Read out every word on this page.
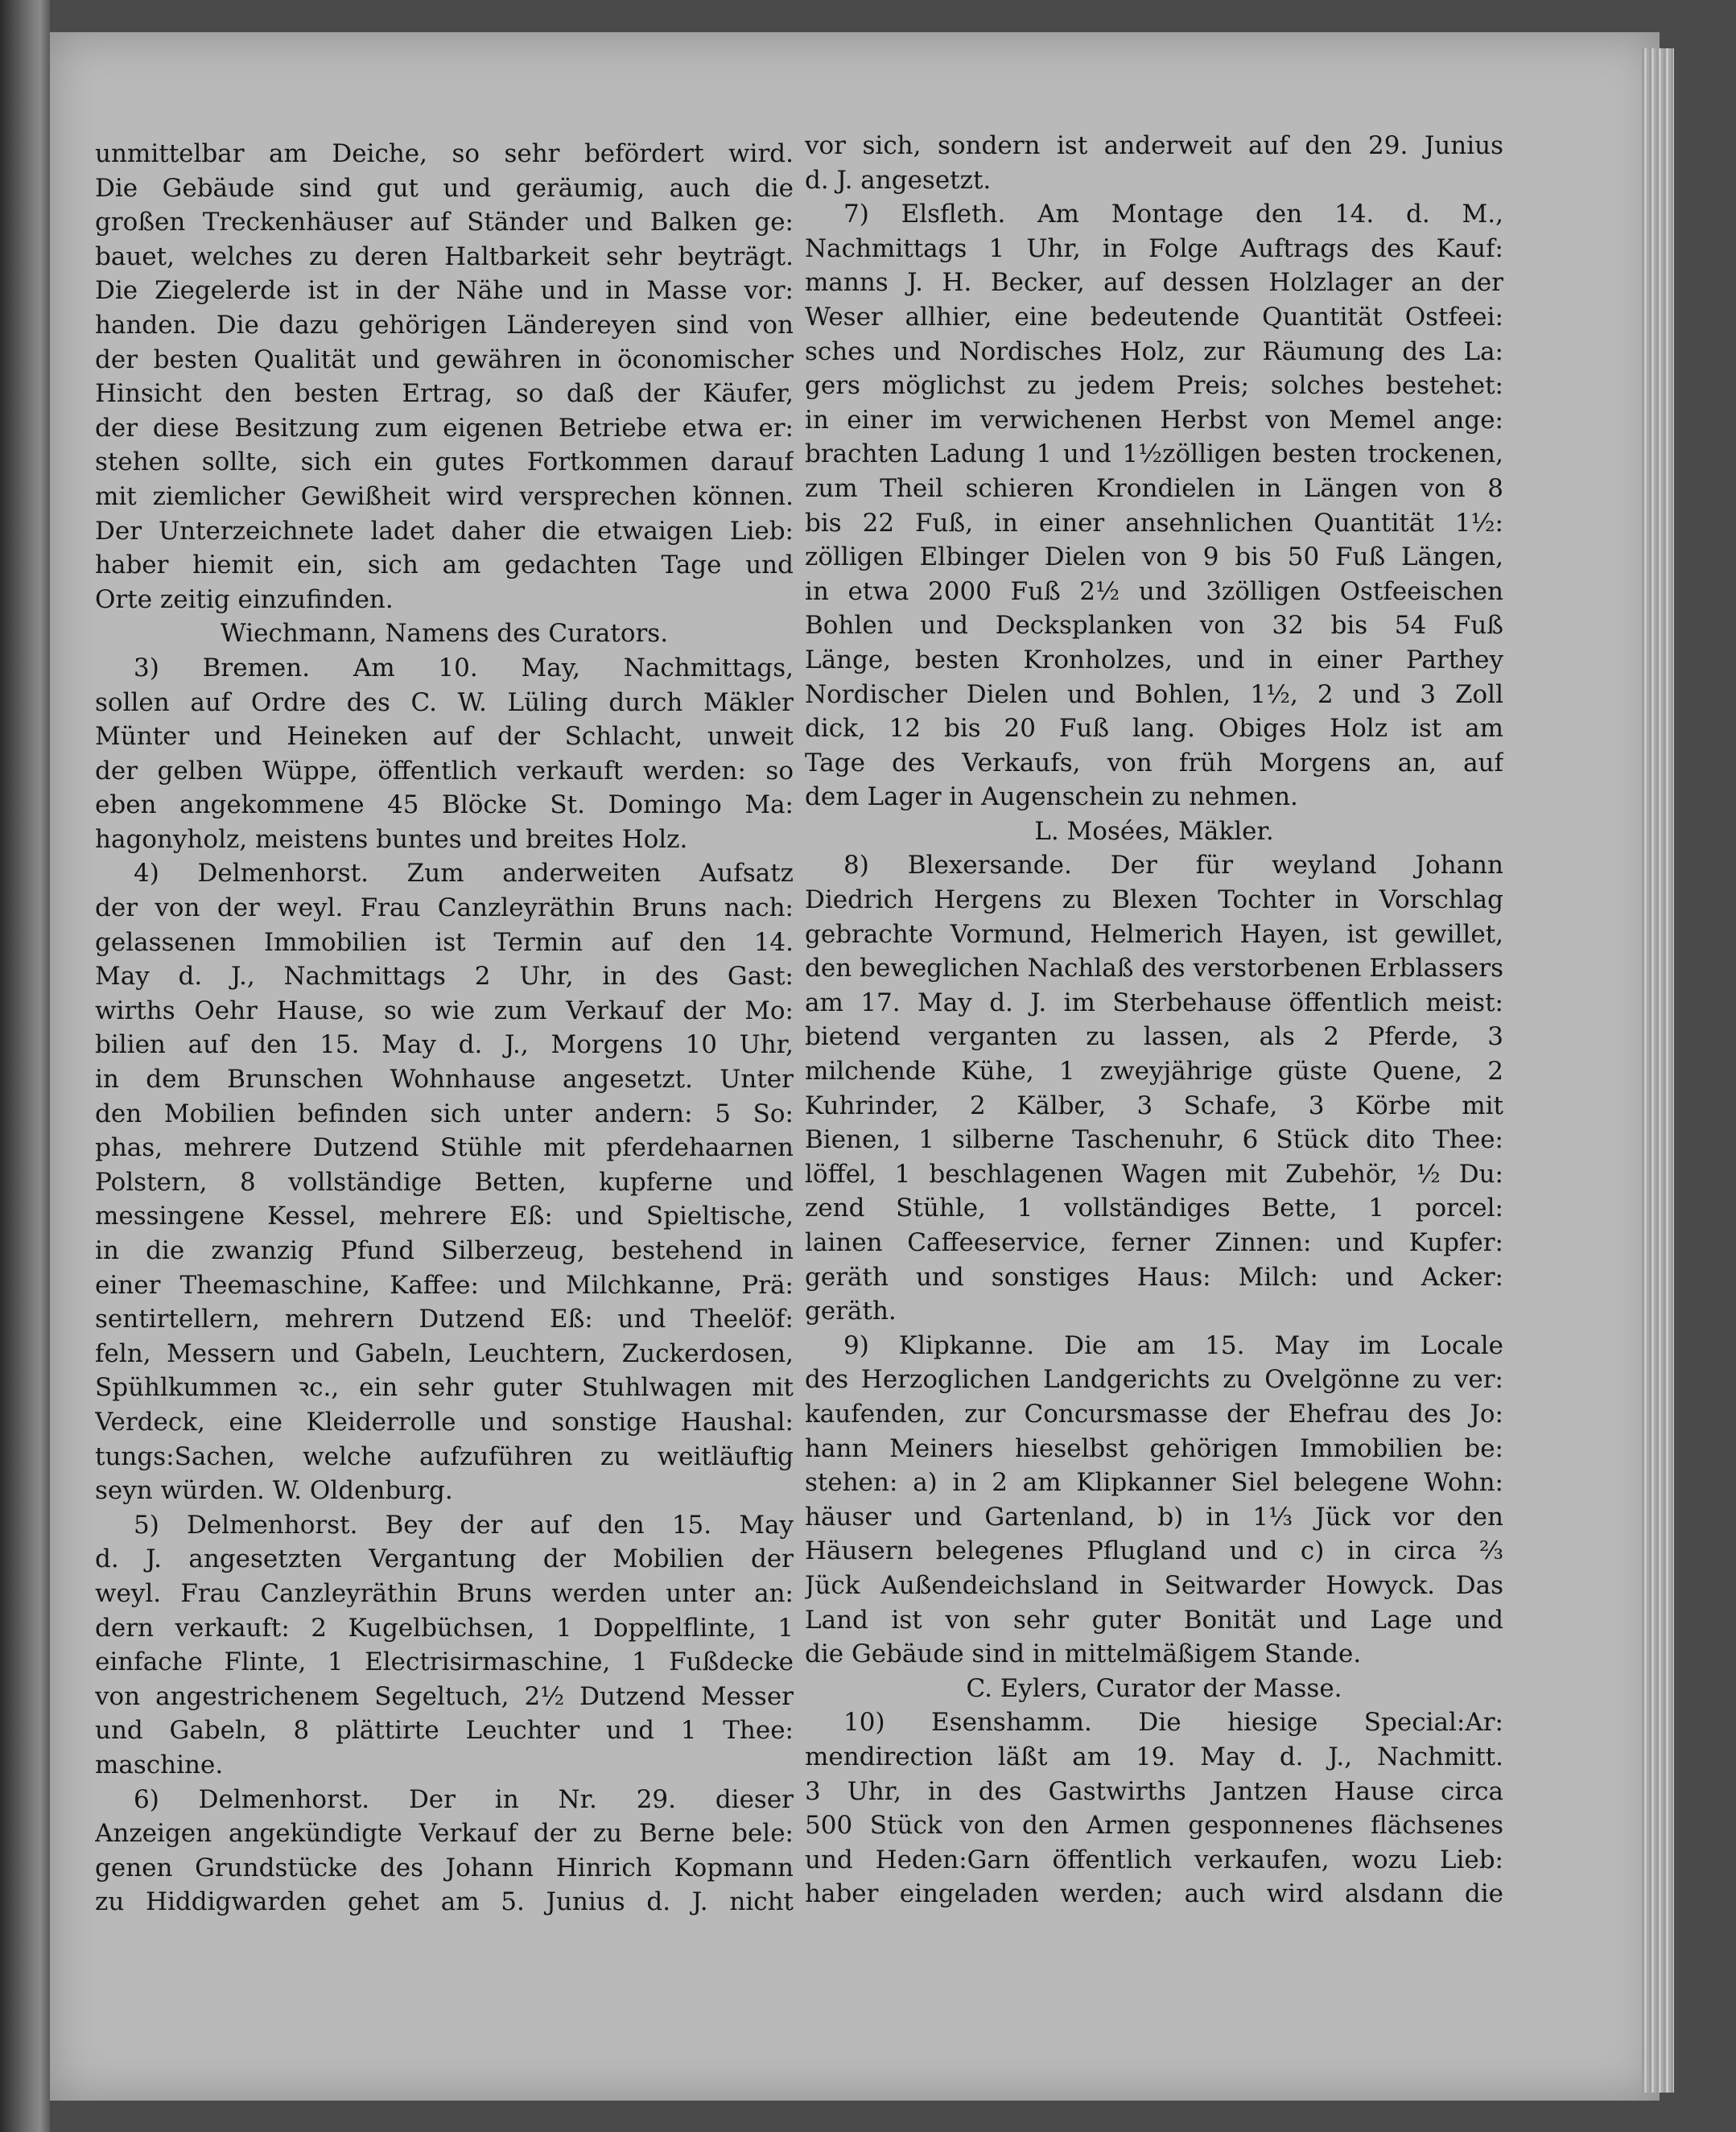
unmittelbar am Deiche, so sehr befördert wird.
Die Gebäude sind gut und geräumig, auch die
großen Treckenhäuser auf Ständer und Balken ge:
bauet, welches zu deren Haltbarkeit sehr beyträgt.
Die Ziegelerde ist in der Nähe und in Masse vor:
handen. Die dazu gehörigen Ländereyen sind von
der besten Qualität und gewähren in öconomischer
Hinsicht den besten Ertrag, so daß der Käufer,
der diese Besitzung zum eigenen Betriebe etwa er:
stehen sollte, sich ein gutes Fortkommen darauf
mit ziemlicher Gewißheit wird versprechen können.
Der Unterzeichnete ladet daher die etwaigen Lieb:
haber hiemit ein, sich am gedachten Tage und
Orte zeitig einzufinden.
Wiechmann, Namens des Curators.
3) Bremen. Am 10. May, Nachmittags,
sollen auf Ordre des C. W. Lüling durch Mäkler
Münter und Heineken auf der Schlacht, unweit
der gelben Wüppe, öffentlich verkauft werden: so
eben angekommene 45 Blöcke St. Domingo Ma:
hagonyholz, meistens buntes und breites Holz.
4) Delmenhorst. Zum anderweiten Aufsatz
der von der weyl. Frau Canzleyräthin Bruns nach:
gelassenen Immobilien ist Termin auf den 14.
May d. J., Nachmittags 2 Uhr, in des Gast:
wirths Oehr Hause, so wie zum Verkauf der Mo:
bilien auf den 15. May d. J., Morgens 10 Uhr,
in dem Brunschen Wohnhause angesetzt. Unter
den Mobilien befinden sich unter andern: 5 So:
phas, mehrere Dutzend Stühle mit pferdehaarnen
Polstern, 8 vollständige Betten, kupferne und
messingene Kessel, mehrere Eß: und Spieltische,
in die zwanzig Pfund Silberzeug, bestehend in
einer Theemaschine, Kaffee: und Milchkanne, Prä:
sentirtellern, mehrern Dutzend Eß: und Theelöf:
feln, Messern und Gabeln, Leuchtern, Zuckerdosen,
Spühlkummen ꝛc., ein sehr guter Stuhlwagen mit
Verdeck, eine Kleiderrolle und sonstige Haushal:
tungs:Sachen, welche aufzuführen zu weitläuftig
seyn würden. W. Oldenburg.
5) Delmenhorst. Bey der auf den 15. May
d. J. angesetzten Vergantung der Mobilien der
weyl. Frau Canzleyräthin Bruns werden unter an:
dern verkauft: 2 Kugelbüchsen, 1 Doppelflinte, 1
einfache Flinte, 1 Electrisirmaschine, 1 Fußdecke
von angestrichenem Segeltuch, 2½ Dutzend Messer
und Gabeln, 8 plättirte Leuchter und 1 Thee:
maschine.
6) Delmenhorst. Der in Nr. 29. dieser
Anzeigen angekündigte Verkauf der zu Berne bele:
genen Grundstücke des Johann Hinrich Kopmann
zu Hiddigwarden gehet am 5. Junius d. J. nicht
vor sich, sondern ist anderweit auf den 29. Junius
d. J. angesetzt.
7) Elsfleth. Am Montage den 14. d. M.,
Nachmittags 1 Uhr, in Folge Auftrags des Kauf:
manns J. H. Becker, auf dessen Holzlager an der
Weser allhier, eine bedeutende Quantität Ostfeei:
sches und Nordisches Holz, zur Räumung des La:
gers möglichst zu jedem Preis; solches bestehet:
in einer im verwichenen Herbst von Memel ange:
brachten Ladung 1 und 1½zölligen besten trockenen,
zum Theil schieren Krondielen in Längen von 8
bis 22 Fuß, in einer ansehnlichen Quantität 1½:
zölligen Elbinger Dielen von 9 bis 50 Fuß Längen,
in etwa 2000 Fuß 2½ und 3zölligen Ostfeeischen
Bohlen und Decksplanken von 32 bis 54 Fuß
Länge, besten Kronholzes, und in einer Parthey
Nordischer Dielen und Bohlen, 1½, 2 und 3 Zoll
dick, 12 bis 20 Fuß lang. Obiges Holz ist am
Tage des Verkaufs, von früh Morgens an, auf
dem Lager in Augenschein zu nehmen.
L. Mosées, Mäkler.
8) Blexersande. Der für weyland Johann
Diedrich Hergens zu Blexen Tochter in Vorschlag
gebrachte Vormund, Helmerich Hayen, ist gewillet,
den beweglichen Nachlaß des verstorbenen Erblassers
am 17. May d. J. im Sterbehause öffentlich meist:
bietend verganten zu lassen, als 2 Pferde, 3
milchende Kühe, 1 zweyjährige güste Quene, 2
Kuhrinder, 2 Kälber, 3 Schafe, 3 Körbe mit
Bienen, 1 silberne Taschenuhr, 6 Stück dito Thee:
löffel, 1 beschlagenen Wagen mit Zubehör, ½ Du:
zend Stühle, 1 vollständiges Bette, 1 porcel:
lainen Caffeeservice, ferner Zinnen: und Kupfer:
geräth und sonstiges Haus: Milch: und Acker:
geräth.
9) Klipkanne. Die am 15. May im Locale
des Herzoglichen Landgerichts zu Ovelgönne zu ver:
kaufenden, zur Concursmasse der Ehefrau des Jo:
hann Meiners hieselbst gehörigen Immobilien be:
stehen: a) in 2 am Klipkanner Siel belegene Wohn:
häuser und Gartenland, b) in 1⅓ Jück vor den
Häusern belegenes Pflugland und c) in circa ⅔
Jück Außendeichsland in Seitwarder Howyck. Das
Land ist von sehr guter Bonität und Lage und
die Gebäude sind in mittelmäßigem Stande.
C. Eylers, Curator der Masse.
10) Esenshamm. Die hiesige Special:Ar:
mendirection läßt am 19. May d. J., Nachmitt.
3 Uhr, in des Gastwirths Jantzen Hause circa
500 Stück von den Armen gesponnenes flächsenes
und Heden:Garn öffentlich verkaufen, wozu Lieb:
haber eingeladen werden; auch wird alsdann die
